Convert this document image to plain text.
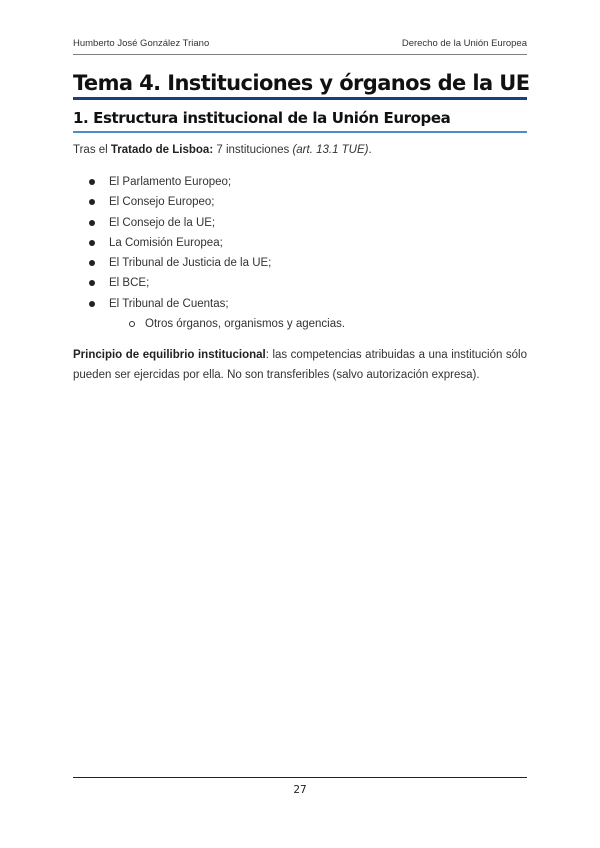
Humberto José González Triano	Derecho de la Unión Europea
Tema 4. Instituciones y órganos de la UE
1. Estructura institucional de la Unión Europea

Tras el Tratado de Lisboa: 7 instituciones (art. 13.1 TUE).

El Parlamento Europeo;
El Consejo Europeo;
El Consejo de la UE;
La Comisión Europea;
El Tribunal de Justicia de la UE;
El BCE;
El Tribunal de Cuentas;
Otros órganos, organismos y agencias.

Principio de equilibrio institucional: las competencias atribuidas a una institución sólo pueden ser ejercidas por ella. No son transferibles (salvo autorización expresa).

27
